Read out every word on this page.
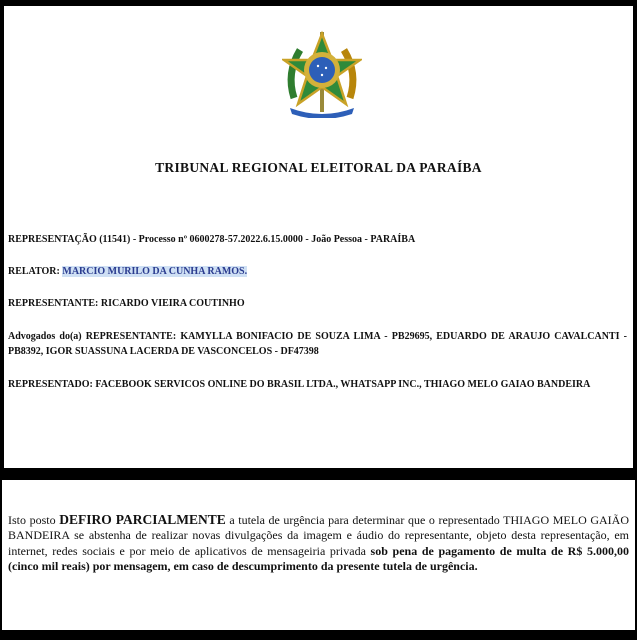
TRIBUNAL REGIONAL ELEITORAL DA PARAÍBA
REPRESENTAÇÃO (11541) - Processo nº 0600278-57.2022.6.15.0000 - João Pessoa - PARAÍBA
RELATOR: MARCIO MURILO DA CUNHA RAMOS.
REPRESENTANTE: RICARDO VIEIRA COUTINHO
Advogados do(a) REPRESENTANTE: KAMYLLA BONIFACIO DE SOUZA LIMA - PB29695, EDUARDO DE ARAUJO CAVALCANTI - PB8392, IGOR SUASSUNA LACERDA DE VASCONCELOS - DF47398
REPRESENTADO: FACEBOOK SERVICOS ONLINE DO BRASIL LTDA., WHATSAPP INC., THIAGO MELO GAIAO BANDEIRA
Isto posto DEFIRO PARCIALMENTE a tutela de urgência para determinar que o representado THIAGO MELO GAIÃO BANDEIRA se abstenha de realizar novas divulgações da imagem e áudio do representante, objeto desta representação, em internet, redes sociais e por meio de aplicativos de mensageiria privada sob pena de pagamento de multa de R$ 5.000,00 (cinco mil reais) por mensagem, em caso de descumprimento da presente tutela de urgência.
